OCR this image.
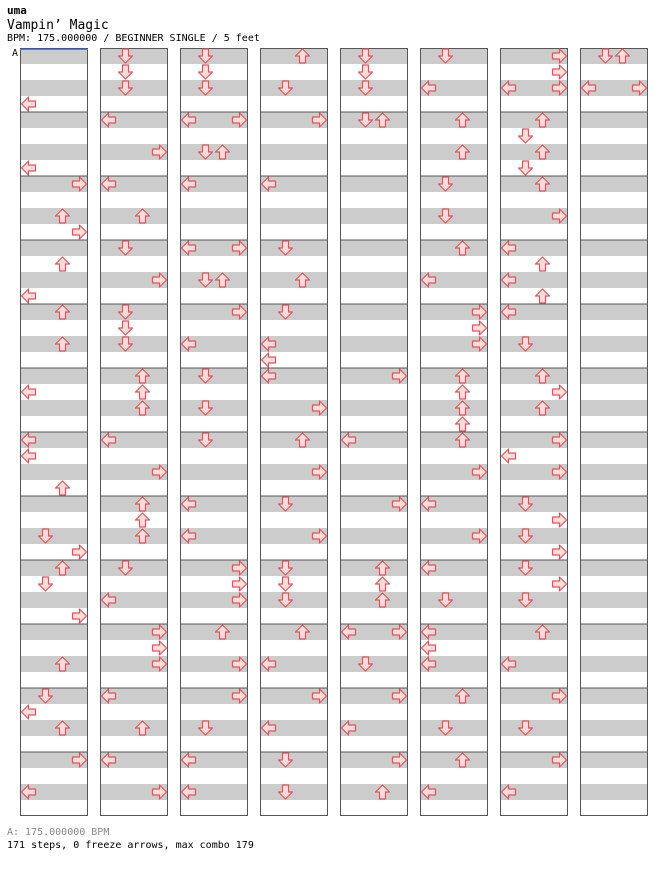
uma
Vampin’ Magic
BPM: 175.000000 / BEGINNER SINGLE / 5 feet
A
A: 175.000000 BPM
171 steps, 0 freeze arrows, max combo 179
